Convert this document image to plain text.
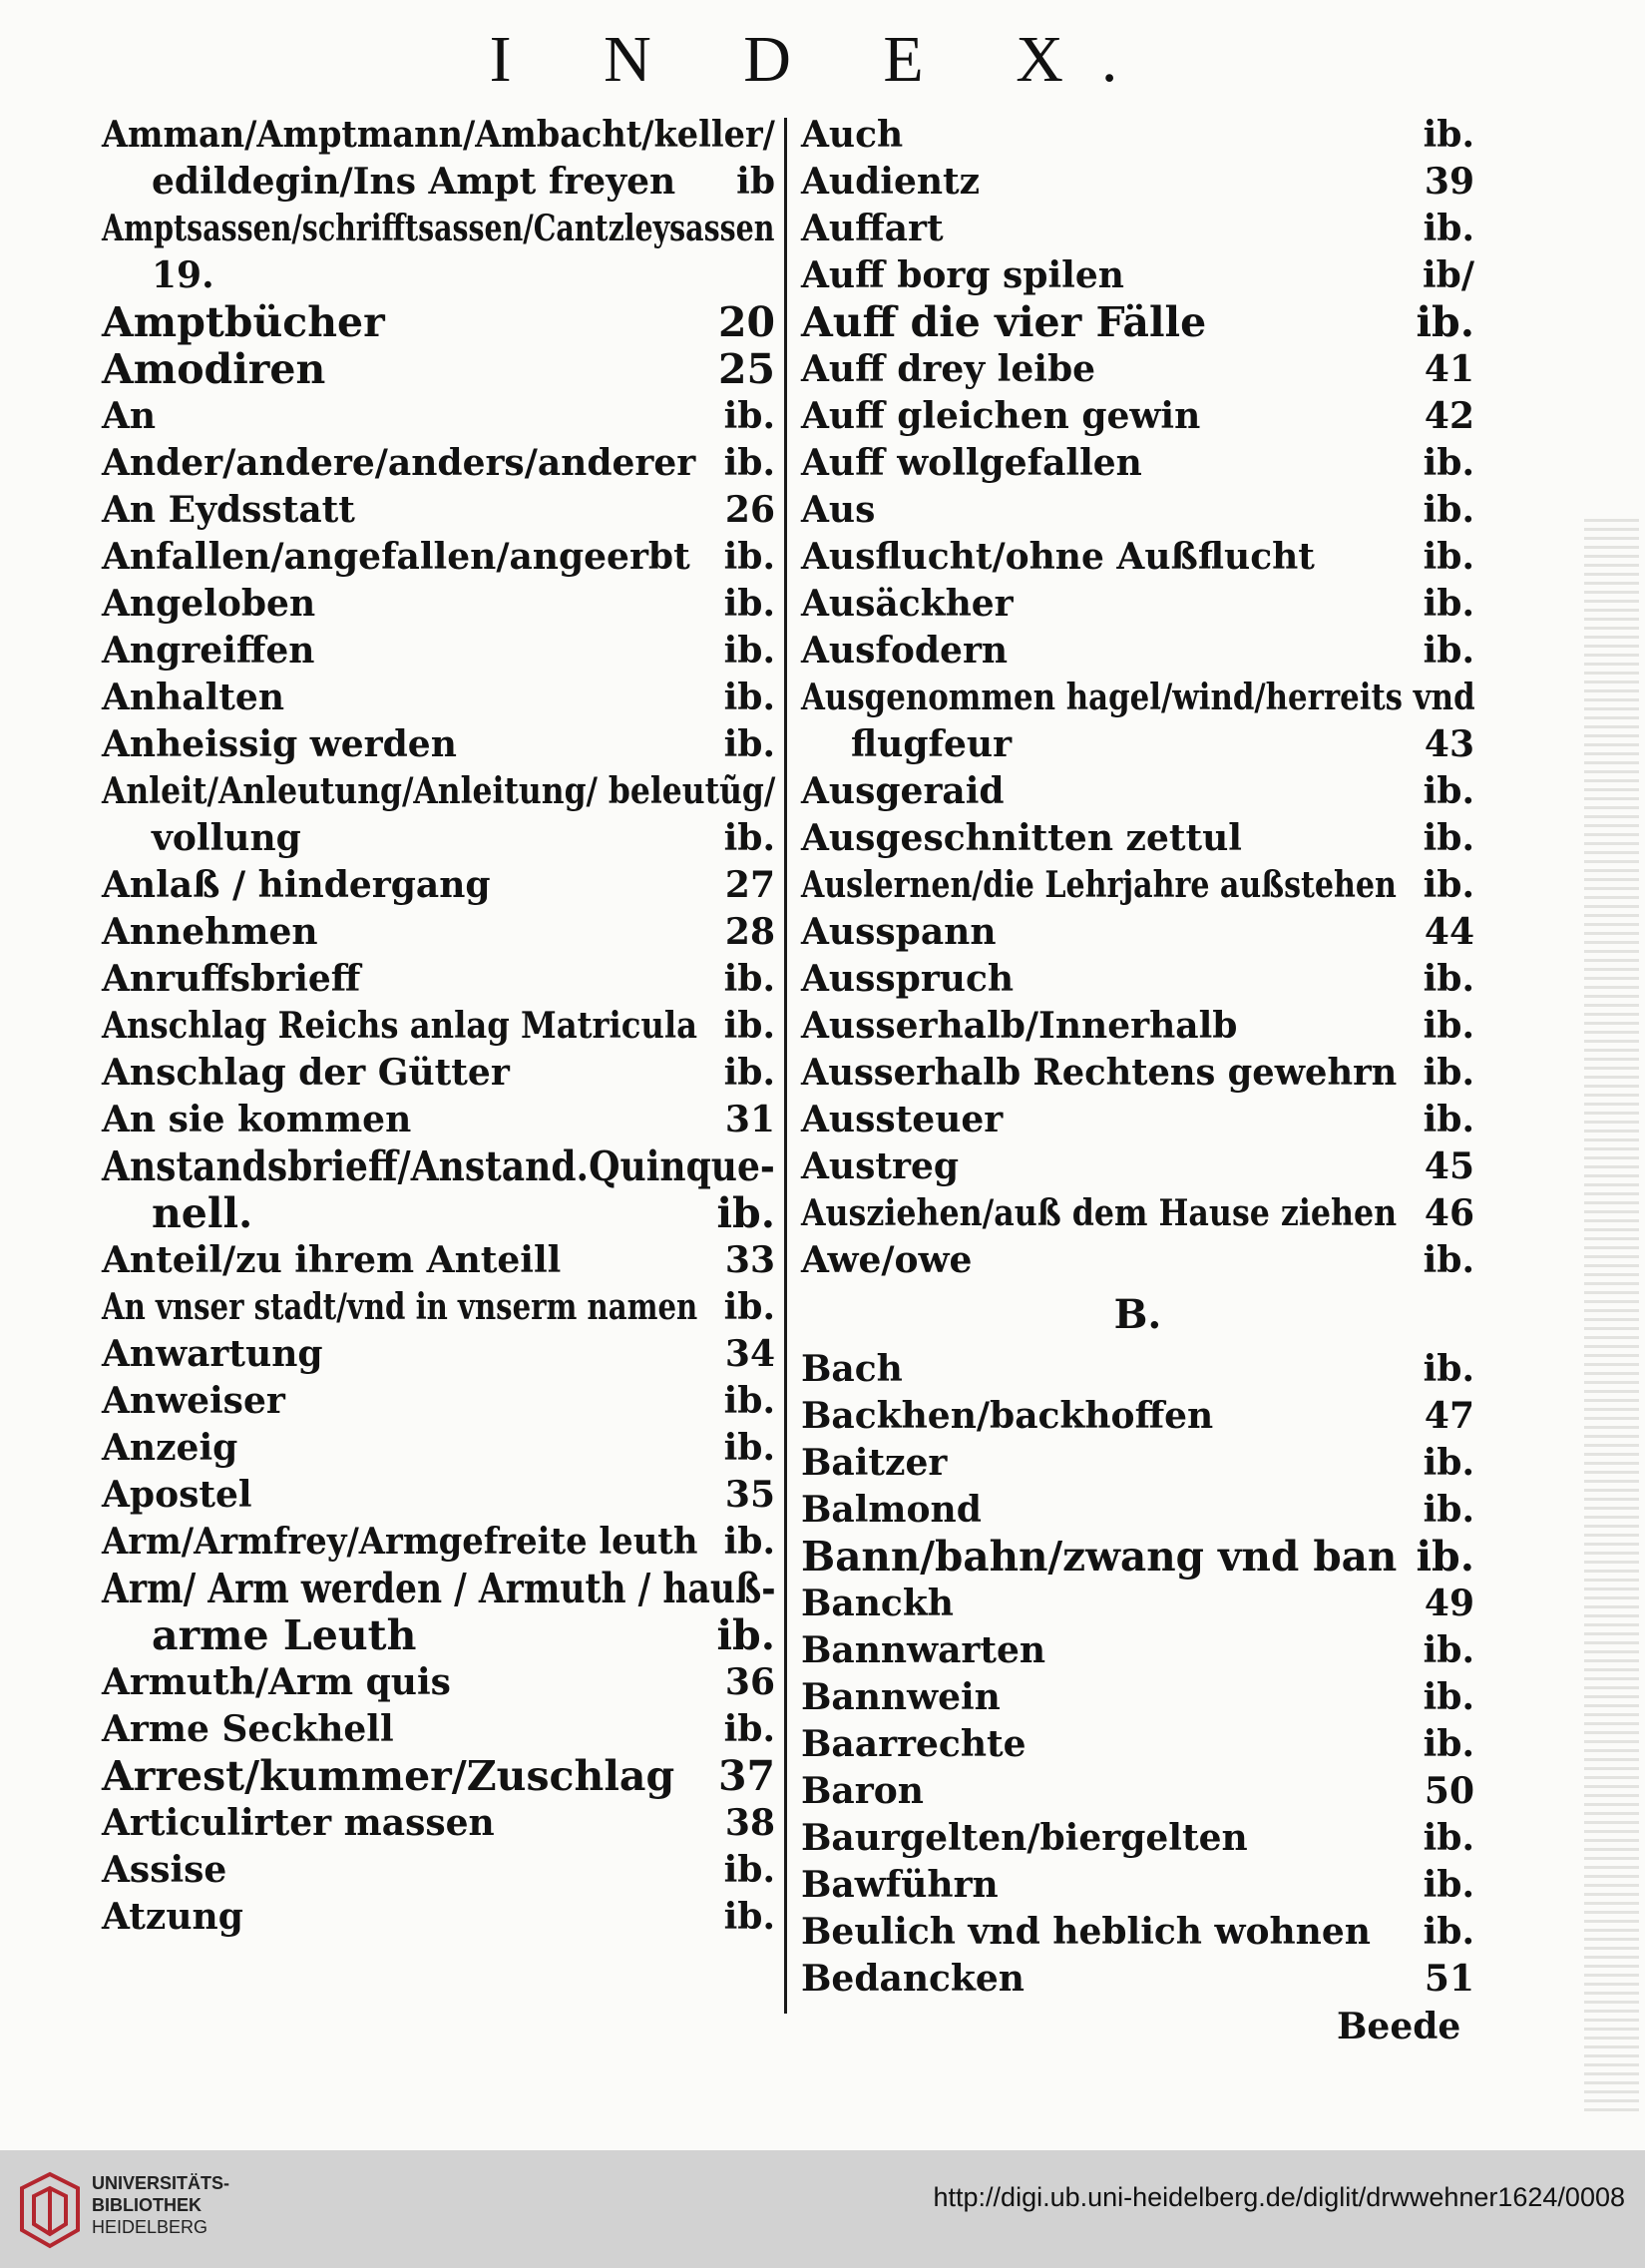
I N D E X.
Amman/Amptmann/Ambacht/keller/
edildegin/Ins Ampt freyen	ib
Amptsassen/schrifftsassen/Cantzleysassen
19.
Amptbücher	20
Amodiren	25
An	ib.
Ander/andere/anders/anderer ib.
An Eydsstatt	26
Anfallen/angefallen/angeerbt ib.
Angeloben	ib.
Angreiffen	ib.
Anhalten	ib.
Anheissig werden	ib.
Anleit/Anleutung/Anleitung/ beleutũg/
vollung	ib.
Anlaß / hindergang	27
Annehmen	28
Anruffsbrieff	ib.
Anschlag Reichs anlag Matricula ib.
Anschlag der Gütter	ib.
An sie kommen	31
Anstandsbrieff/Anstand.Quinque-
nell.	ib.
Anteil/zu ihrem Anteill	33
An vnser stadt/vnd in vnserm namen ib.
Anwartung	34
Anweiser	ib.
Anzeig	ib.
Apostel	35
Arm/Armfrey/Armgefreite leuth ib.
Arm/ Arm werden / Armuth / hauß-
arme Leuth	ib.
Armuth/Arm quis	36
Arme Seckhell	ib.
Arrest/kummer/Zuschlag	37
Articulirter massen	38
Assise	ib.
Atzung	ib.
Auch	ib.
Audientz	39
Auffart	ib.
Auff borg spilen	ib/
Auff die vier Fälle	ib.
Auff drey leibe	41
Auff gleichen gewin	42
Auff wollgefallen	ib.
Aus	ib.
Ausflucht/ohne Außflucht	ib.
Ausäckher	ib.
Ausfodern	ib.
Ausgenommen hagel/wind/herreits vnd
flugfeur	43
Ausgeraid	ib.
Ausgeschnitten zettul	ib.
Auslernen/die Lehrjahre außstehen ib.
Ausspann	44
Ausspruch	ib.
Ausserhalb/Innerhalb	ib.
Ausserhalb Rechtens gewehrn ib.
Aussteuer	ib.
Austreg	45
Ausziehen/auß dem Hause ziehen 46
Awe/owe	ib.
B.
Bach	ib.
Backhen/backhoffen	47
Baitzer	ib.
Balmond	ib.
Bann/bahn/zwang vnd ban ib.
Banckh	49
Bannwarten	ib.
Bannwein	ib.
Baarrechte	ib.
Baron	50
Baurgelten/biergelten	ib.
Bawführn	ib.
Beulich vnd heblich wohnen	ib.
Bedancken	51
Beede
UNIVERSITÄTS-
BIBLIOTHEK
HEIDELBERG
http://digi.ub.uni-heidelberg.de/diglit/drwwehner1624/0008
